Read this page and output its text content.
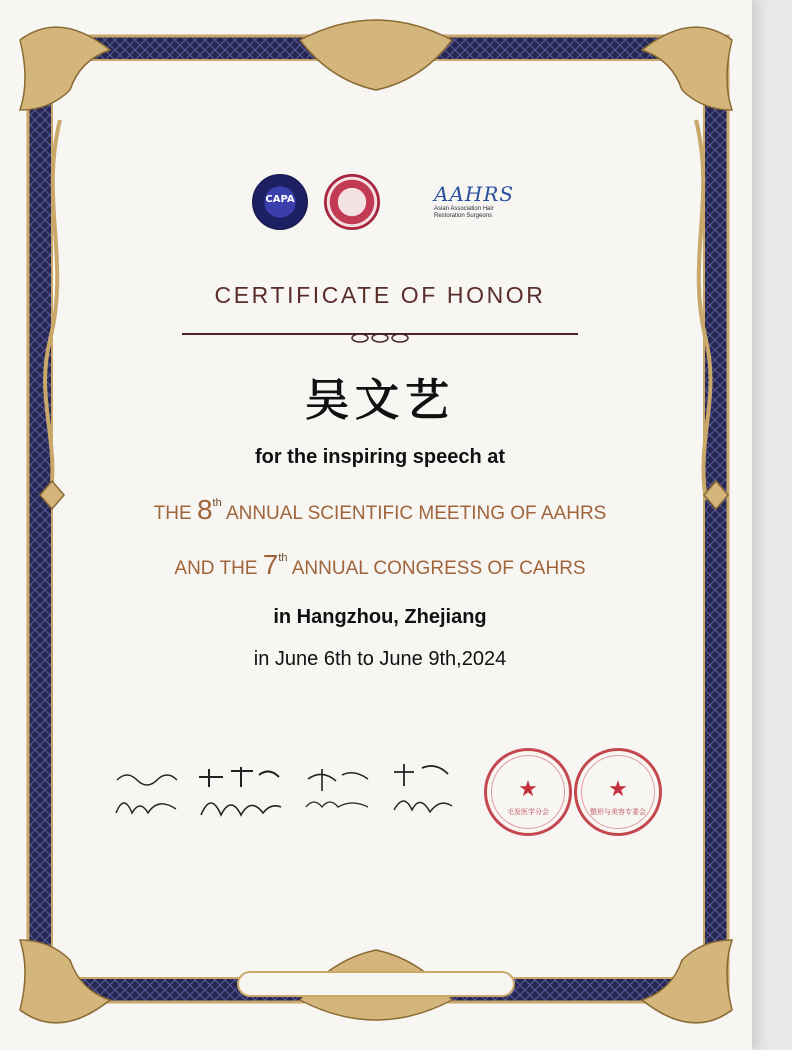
CAPA	AAHRS
Asian Association Hair Restoration Surgeons
CERTIFICATE OF HONOR
吴文艺
for the inspiring speech at
THE 8th ANNUAL SCIENTIFIC MEETING OF AAHRS
AND THE 7th ANNUAL CONGRESS OF CAHRS
in Hangzhou, Zhejiang
in June 6th to June 9th,2024
★
毛发医学分会
★
整形与美容专委会
